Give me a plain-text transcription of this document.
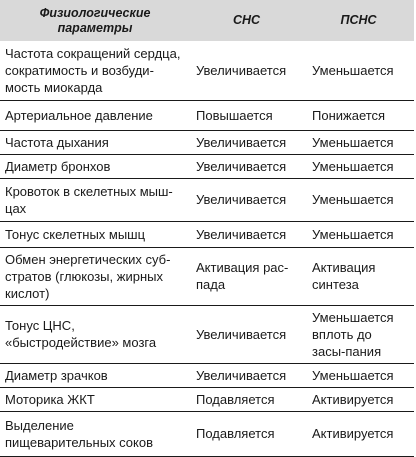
Физиологические параметры	СНС	ПСНС

Частота сокращений сердца, сократимость и возбуди-мость миокарда	Увеличивается	Уменьшается
Артериальное давление	Повышается	Понижается
Частота дыхания	Увеличивается	Уменьшается
Диаметр бронхов	Увеличивается	Уменьшается

Кровоток в скелетных мыш-цах	Увеличивается	Уменьшается
Тонус скелетных мышц	Увеличивается	Уменьшается

Обмен энергетических суб-стратов (глюкозы, жирных кислот)	Активация рас-пада	Активация синтеза

Тонус ЦНС, «быстродействие» мозга	Увеличивается	Уменьшается вплоть до засы-пания

Диаметр зрачков	Увеличивается	Уменьшается
Моторика ЖКТ	Подавляется	Активируется

Выделение пищеварительных соков	Подавляется	Активируется
